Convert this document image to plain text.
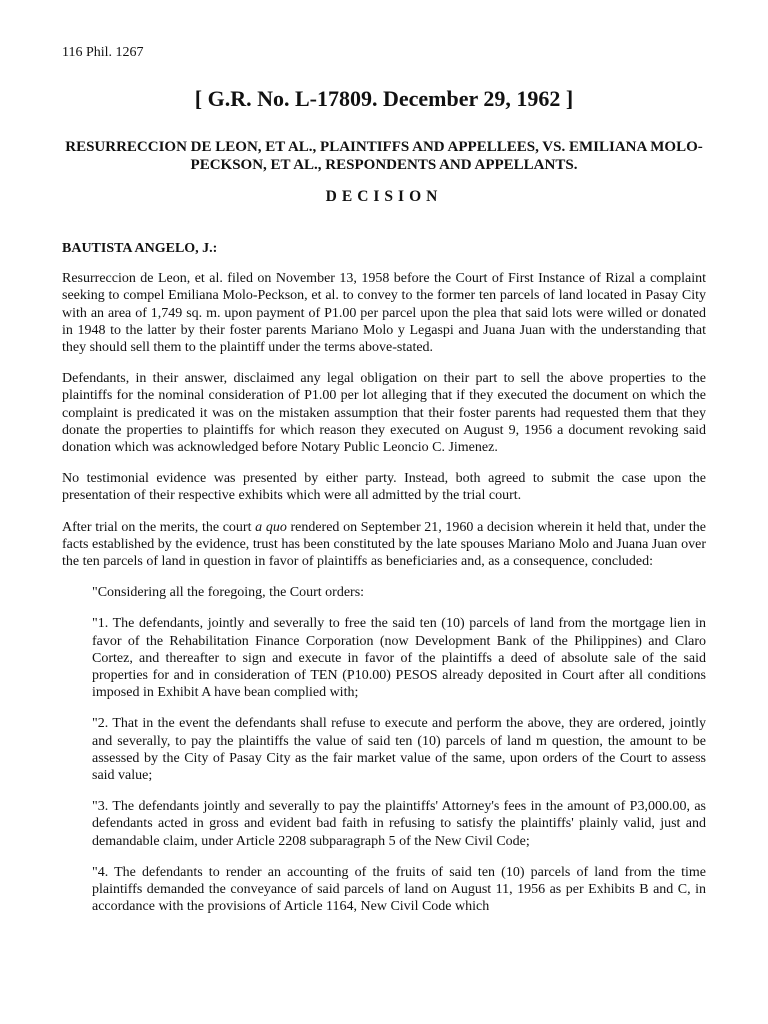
116 Phil. 1267
[ G.R. No. L-17809. December 29, 1962 ]
RESURRECCION DE LEON, ET AL., PLAINTIFFS AND APPELLEES, VS. EMILIANA MOLO-PECKSON, ET AL., RESPONDENTS AND APPELLANTS.
DECISION

BAUTISTA ANGELO, J.:

Resurreccion de Leon, et al. filed on November 13, 1958 before the Court of First Instance of Rizal a complaint seeking to compel Emiliana Molo-Peckson, et al. to convey to the former ten parcels of land located in Pasay City with an area of 1,749 sq. m. upon payment of P1.00 per parcel upon the plea that said lots were willed or donated in 1948 to the latter by their foster parents Mariano Molo y Legaspi and Juana Juan with the understanding that they should sell them to the plaintiff under the terms above-stated.

Defendants, in their answer, disclaimed any legal obligation on their part to sell the above properties to the plaintiffs for the nominal consideration of P1.00 per lot alleging that if they executed the document on which the complaint is predicated it was on the mistaken assumption that their foster parents had requested them that they donate the properties to plaintiffs for which reason they executed on August 9, 1956 a document revoking said donation which was acknowledged before Notary Public Leoncio C. Jimenez.

No testimonial evidence was presented by either party. Instead, both agreed to submit the case upon the presentation of their respective exhibits which were all admitted by the trial court.

After trial on the merits, the court a quo rendered on September 21, 1960 a decision wherein it held that, under the facts established by the evidence, trust has been constituted by the late spouses Mariano Molo and Juana Juan over the ten parcels of land in question in favor of plaintiffs as beneficiaries and, as a consequence, concluded:

"Considering all the foregoing, the Court orders:

"1. The defendants, jointly and severally to free the said ten (10) parcels of land from the mortgage lien in favor of the Rehabilitation Finance Corporation (now Development Bank of the Philippines) and Claro Cortez, and thereafter to sign and execute in favor of the plaintiffs a deed of absolute sale of the said properties for and in consideration of TEN (P10.00) PESOS already deposited in Court after all conditions imposed in Exhibit A have bean complied with;

"2. That in the event the defendants shall refuse to execute and perform the above, they are ordered, jointly and severally, to pay the plaintiffs the value of said ten (10) parcels of land m question, the amount to be assessed by the City of Pasay City as the fair market value of the same, upon orders of the Court to assess said value;

"3. The defendants jointly and severally to pay the plaintiffs' Attorney's fees in the amount of P3,000.00, as defendants acted in gross and evident bad faith in refusing to satisfy the plaintiffs' plainly valid, just and demandable claim, under Article 2208 subparagraph 5 of the New Civil Code;

"4. The defendants to render an accounting of the fruits of said ten (10) parcels of land from the time plaintiffs demanded the conveyance of said parcels of land on August 11, 1956 as per Exhibits B and C, in accordance with the provisions of Article 1164, New Civil Code which
